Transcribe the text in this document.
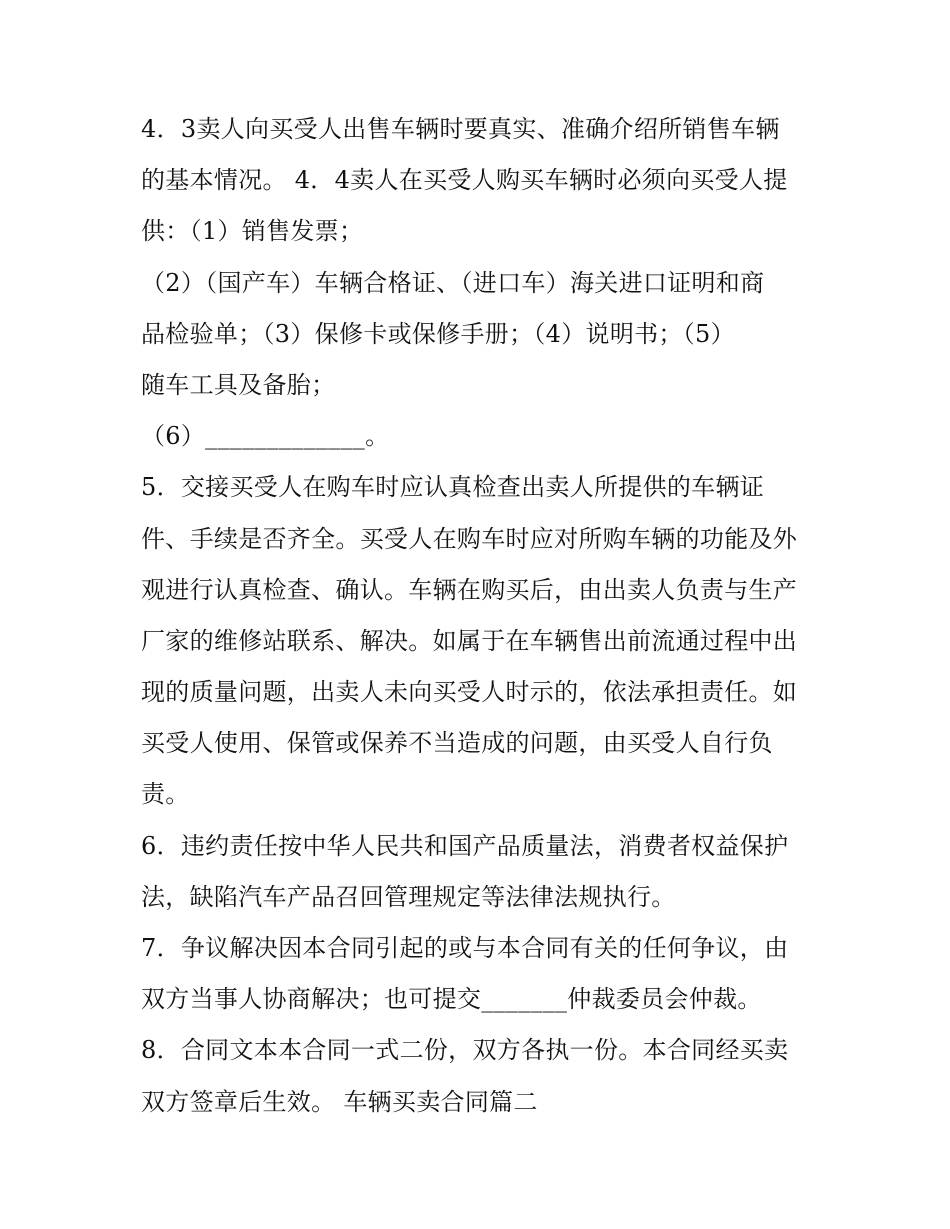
4．3卖人向买受人出售车辆时要真实、准确介绍所销售车辆
的基本情况。 4．4卖人在买受人购买车辆时必须向买受人提
供：（1）销售发票；
（2）（国产车）车辆合格证、（进口车）海关进口证明和商
品检验单；（3）保修卡或保修手册；（4）说明书；（5）
随车工具及备胎；
（6）_____________。
5．交接买受人在购车时应认真检查出卖人所提供的车辆证
件、手续是否齐全。买受人在购车时应对所购车辆的功能及外
观进行认真检查、确认。车辆在购买后，由出卖人负责与生产
厂家的维修站联系、解决。如属于在车辆售出前流通过程中出
现的质量问题，出卖人未向买受人时示的，依法承担责任。如
买受人使用、保管或保养不当造成的问题，由买受人自行负
责。
6．违约责任按中华人民共和国产品质量法，消费者权益保护
法，缺陷汽车产品召回管理规定等法律法规执行。
7．争议解决因本合同引起的或与本合同有关的任何争议，由
双方当事人协商解决；也可提交_______仲裁委员会仲裁。
8．合同文本本合同一式二份，双方各执一份。本合同经买卖
双方签章后生效。 车辆买卖合同篇二
